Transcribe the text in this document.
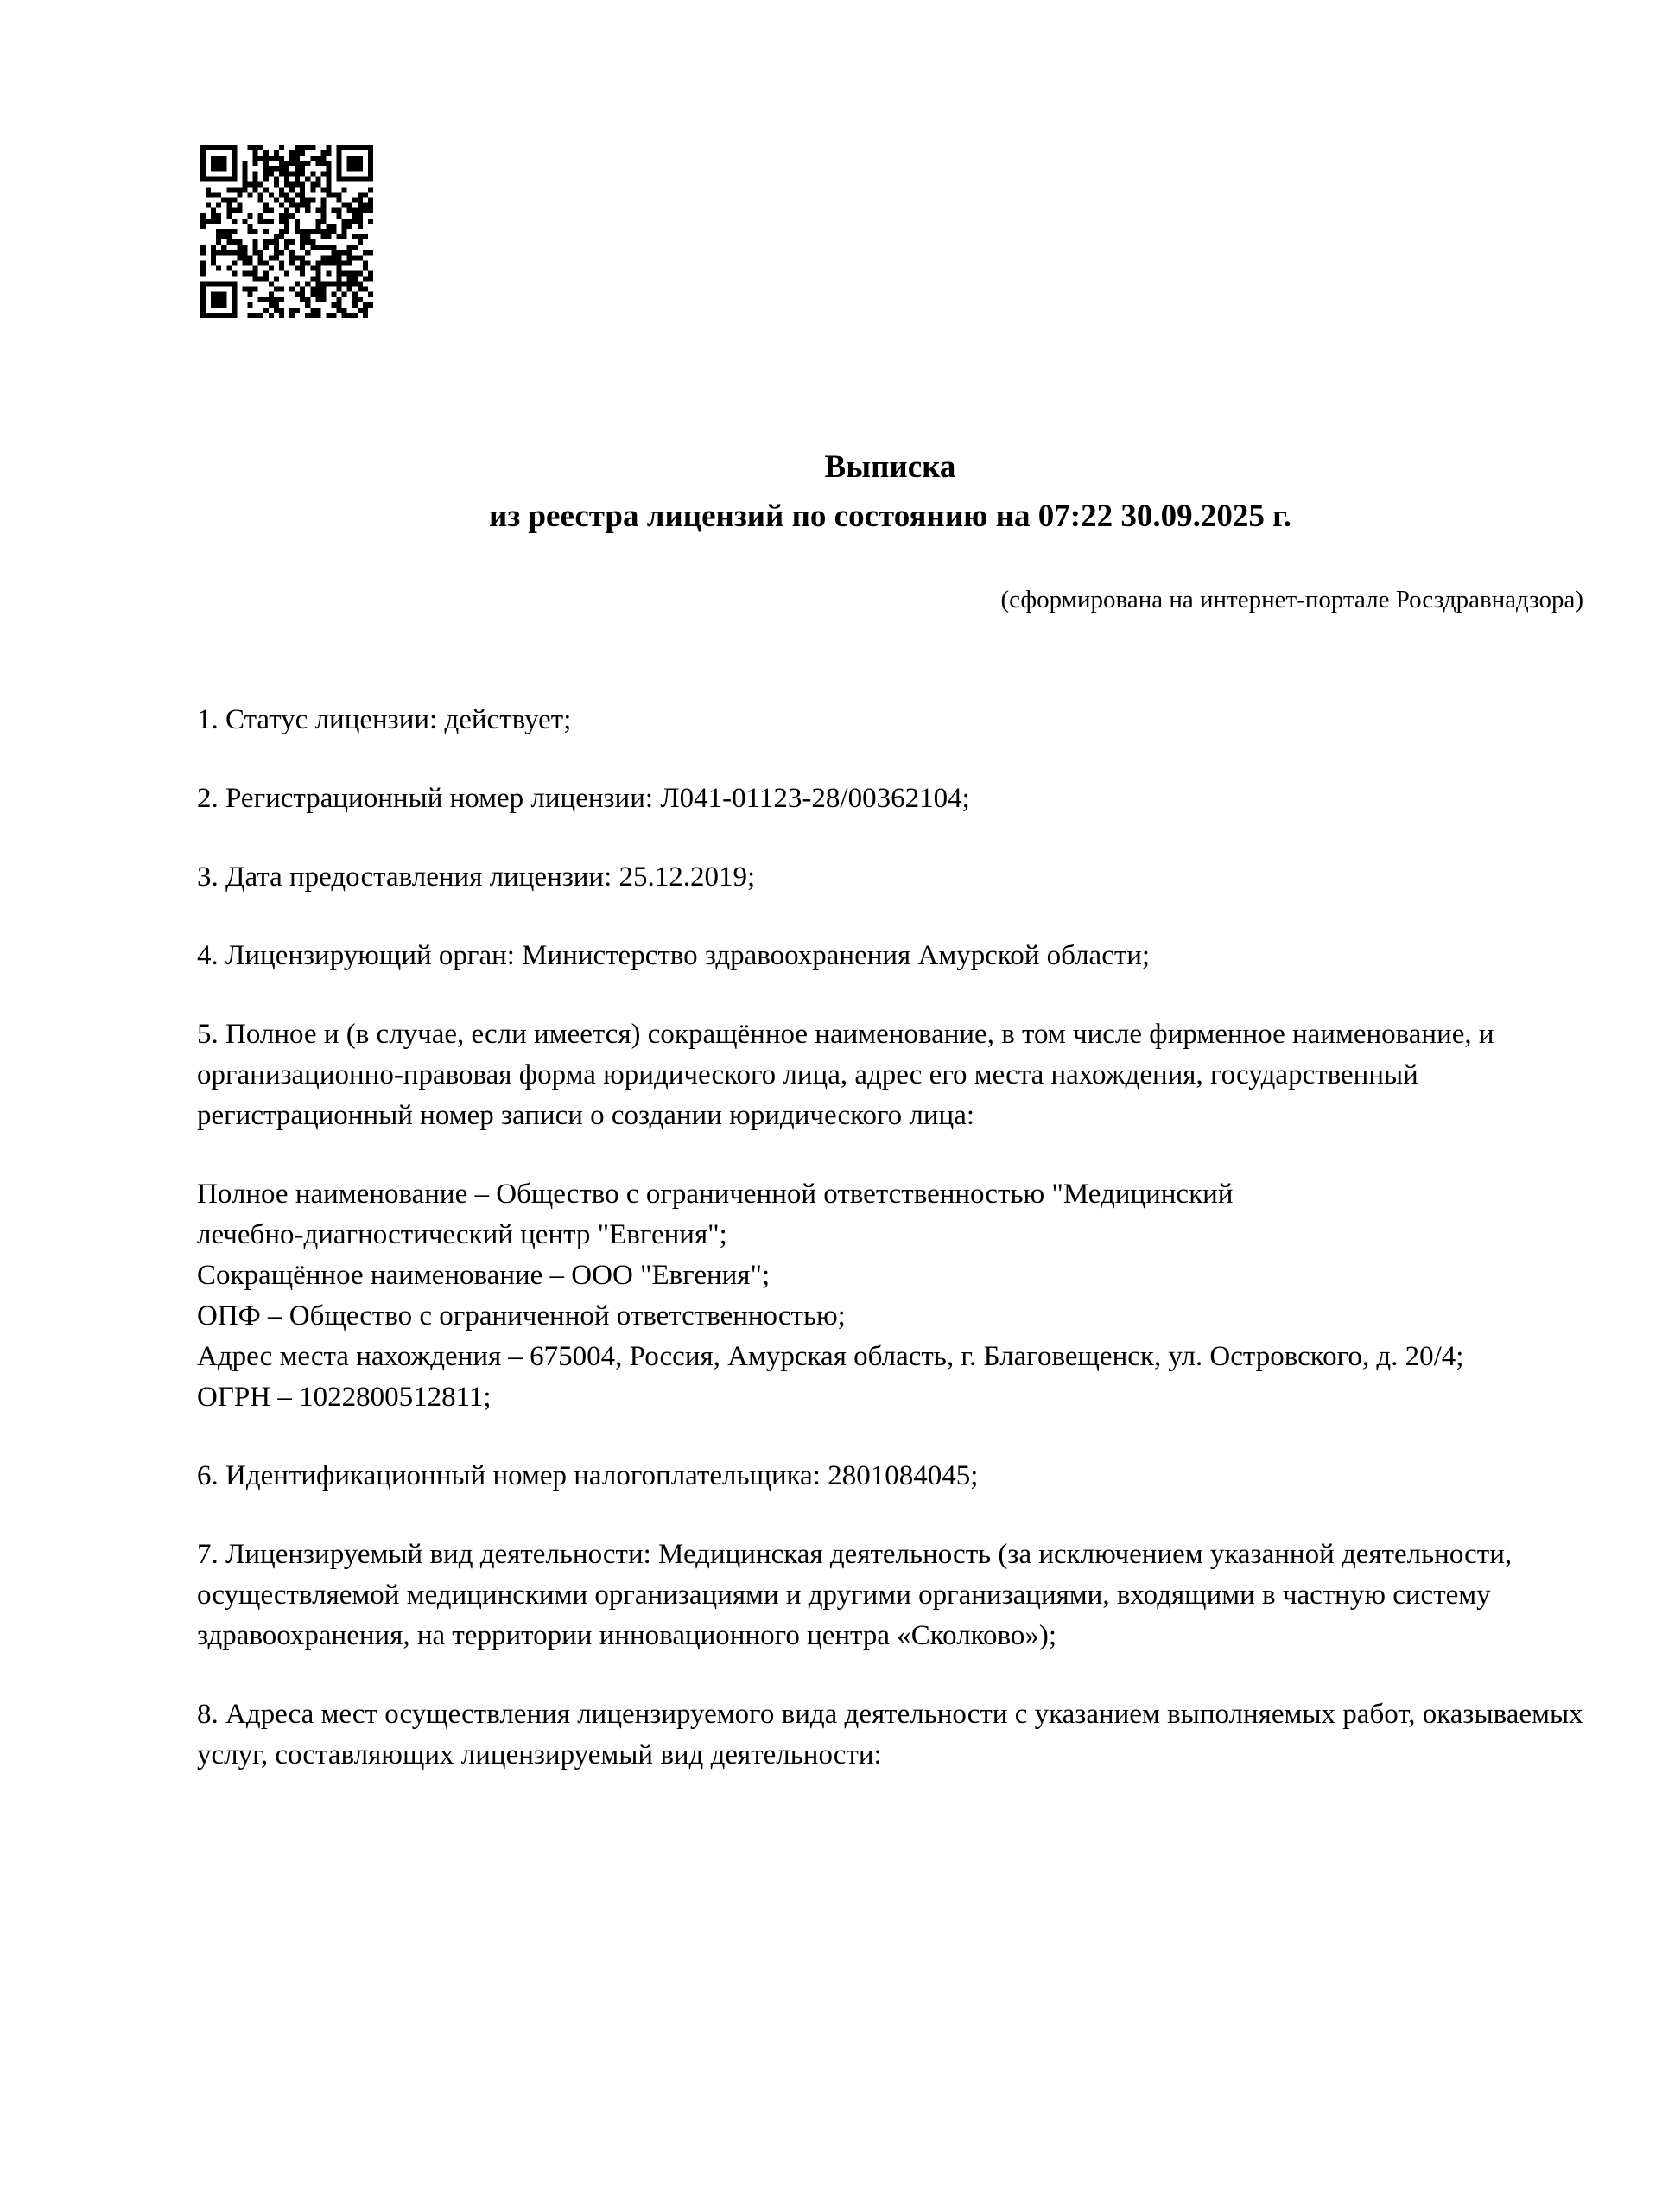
Выписка
из реестра лицензий по состоянию на 07:22 30.09.2025 г.
(сформирована на интернет-портале Росздравнадзора)
1. Статус лицензии: действует;
2. Регистрационный номер лицензии: Л041-01123-28/00362104;
3. Дата предоставления лицензии: 25.12.2019;
4. Лицензирующий орган: Министерство здравоохранения Амурской области;
5. Полное и (в случае, если имеется) сокращённое наименование, в том числе фирменное наименование, и организационно-правовая форма юридического лица, адрес его места нахождения, государственный регистрационный номер записи о создании юридического лица:
Полное наименование – Общество с ограниченной ответственностью "Медицинский
лечебно-диагностический центр "Евгения";
Сокращённое наименование – ООО "Евгения";
ОПФ – Общество с ограниченной ответственностью;
Адрес места нахождения – 675004, Россия, Амурская область, г. Благовещенск, ул. Островского, д. 20/4;
ОГРН – 1022800512811;
6. Идентификационный номер налогоплательщика: 2801084045;
7. Лицензируемый вид деятельности: Медицинская деятельность (за исключением указанной деятельности, осуществляемой медицинскими организациями и другими организациями, входящими в частную систему здравоохранения, на территории инновационного центра «Сколково»);
8. Адреса мест осуществления лицензируемого вида деятельности с указанием выполняемых работ, оказываемых услуг, составляющих лицензируемый вид деятельности:
